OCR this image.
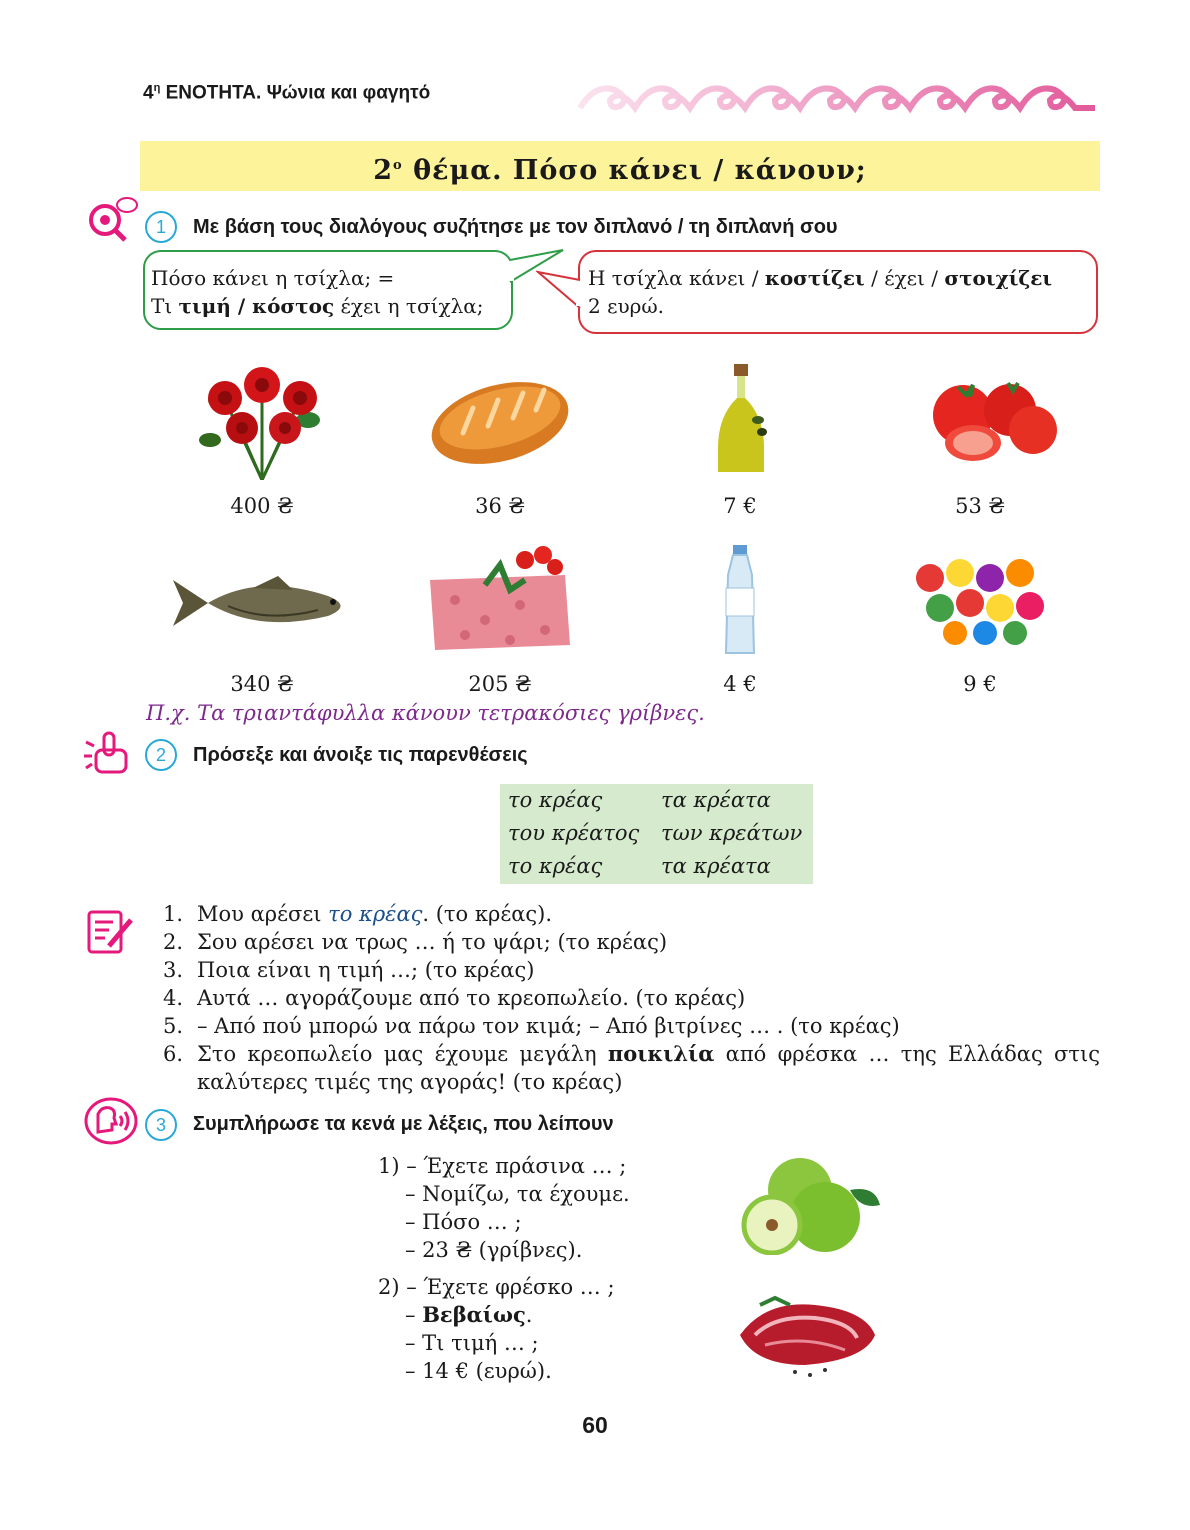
$4^\eta$ ΕΝΟΤΗΤΑ. Ψώνια και φαγητό
$2^o$ θέμα. Πόσο κάνει / κάνουν;
1	Με βάση τους διαλόγους συζήτησε με τον διπλανό / τη διπλανή σου
Πόσο κάνει η τσίχλα; =
Τι τιμή / κόστος έχει η τσίχλα;
Η τσίχλα κάνει / κοστίζει / έχει / στοιχίζει
2 ευρώ.
400 ₴	36 ₴	7 €	53 ₴
340 ₴	205 ₴	4 €	9 €
Π.χ. Τα τριαντάφυλλα κάνουν τετρακόσιες γρίβνες.
2	Πρόσεξε και άνοιξε τις παρενθέσεις
το κρέας	τα κρέατα
του κρέατος	των κρεάτων
το κρέας	τα κρέατα
1. Μου αρέσει το κρέας. (το κρέας).
2. Σου αρέσει να τρως … ή το ψάρι; (το κρέας)
3. Ποια είναι η τιμή …; (το κρέας)
4. Αυτά … αγοράζουμε από το κρεοπωλείο. (το κρέας)
5. – Από πού μπορώ να πάρω τον κιμά; – Από βιτρίνες … . (το κρέας)
6. Στο κρεοπωλείο μας έχουμε μεγάλη ποικιλία από φρέσκα … της Ελλάδας στις καλύτερες τιμές της αγοράς! (το κρέας)
3	Συμπλήρωσε τα κενά με λέξεις, που λείπουν
1) – Έχετε πράσινα … ;
– Νομίζω, τα έχουμε.
– Πόσο … ;
– 23 ₴ (γρίβνες).
2) – Έχετε φρέσκο … ;
– Βεβαίως.
– Τι τιμή … ;
– 14 € (ευρώ).
60
